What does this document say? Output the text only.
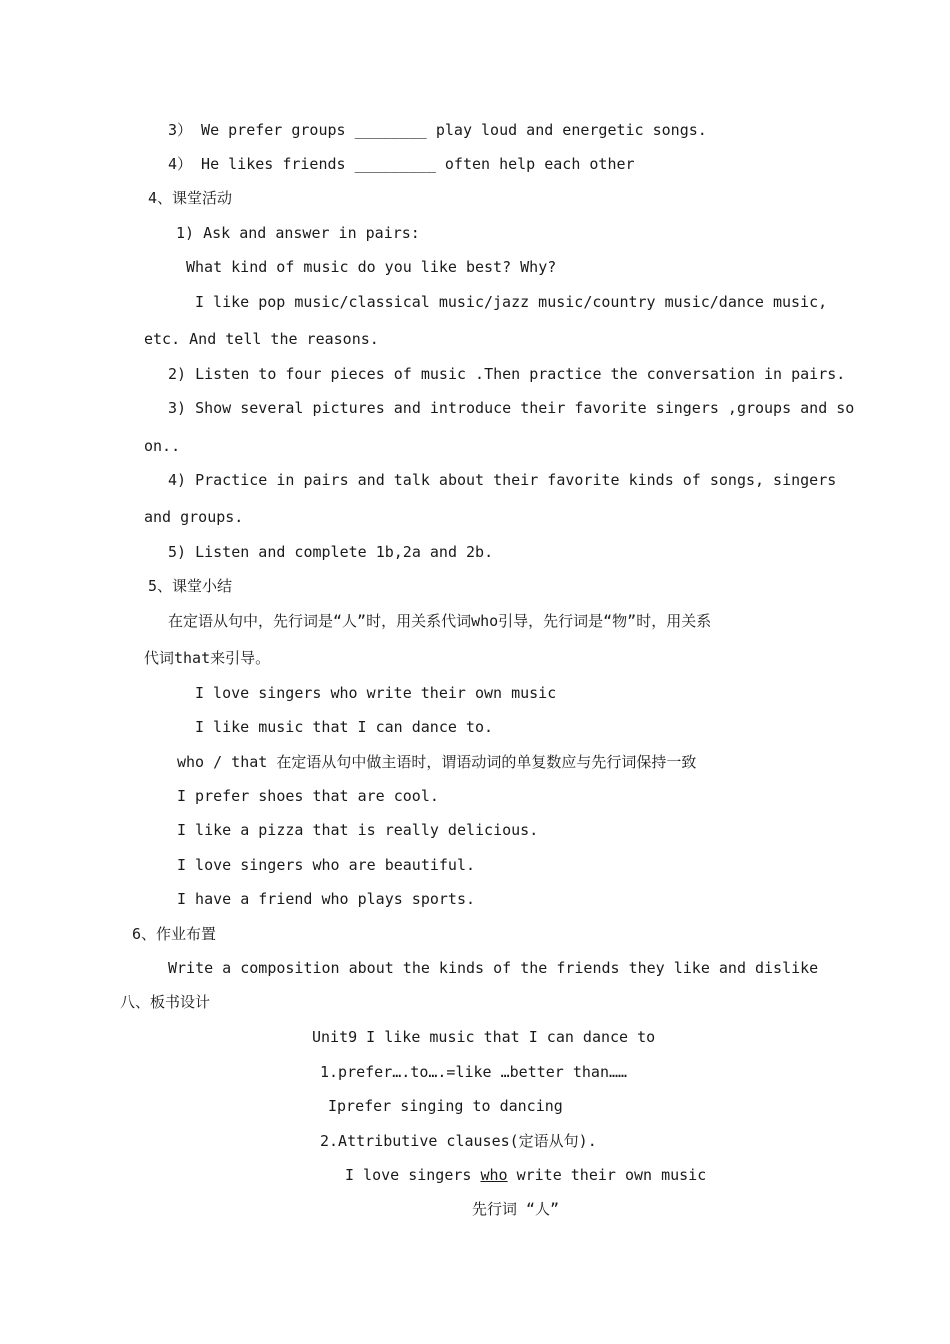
3） We prefer groups ________ play loud and energetic songs.
4） He likes friends _________ often help each other
4、课堂活动
1) Ask and answer in pairs:
What kind of music do you like best? Why?
I like pop music/classical music/jazz music/country music/dance music,
etc. And tell the reasons.
2) Listen to four pieces of music .Then practice the conversation in pairs.
3) Show several pictures and introduce their favorite singers ,groups and so
on..
4) Practice in pairs and talk about their favorite kinds of songs, singers
and groups.
5) Listen and complete 1b,2a and 2b.
5、课堂小结
在定语从句中，先行词是“人”时，用关系代词who引导，先行词是“物”时，用关系
代词that来引导。
I love singers who write their own music
I like music that I can dance to.
who / that 在定语从句中做主语时，谓语动词的单复数应与先行词保持一致
I prefer shoes that are cool.
I like a pizza that is really delicious.
I love singers who are beautiful.
I have a friend who plays sports.
6、作业布置
Write a composition about the kinds of the friends they like and dislike
八、板书设计
Unit9 I like music that I can dance to
1.prefer….to….=like …better than……
Iprefer singing to dancing
2.Attributive clauses(定语从句).
I love singers who write their own music
先行词 “人”
